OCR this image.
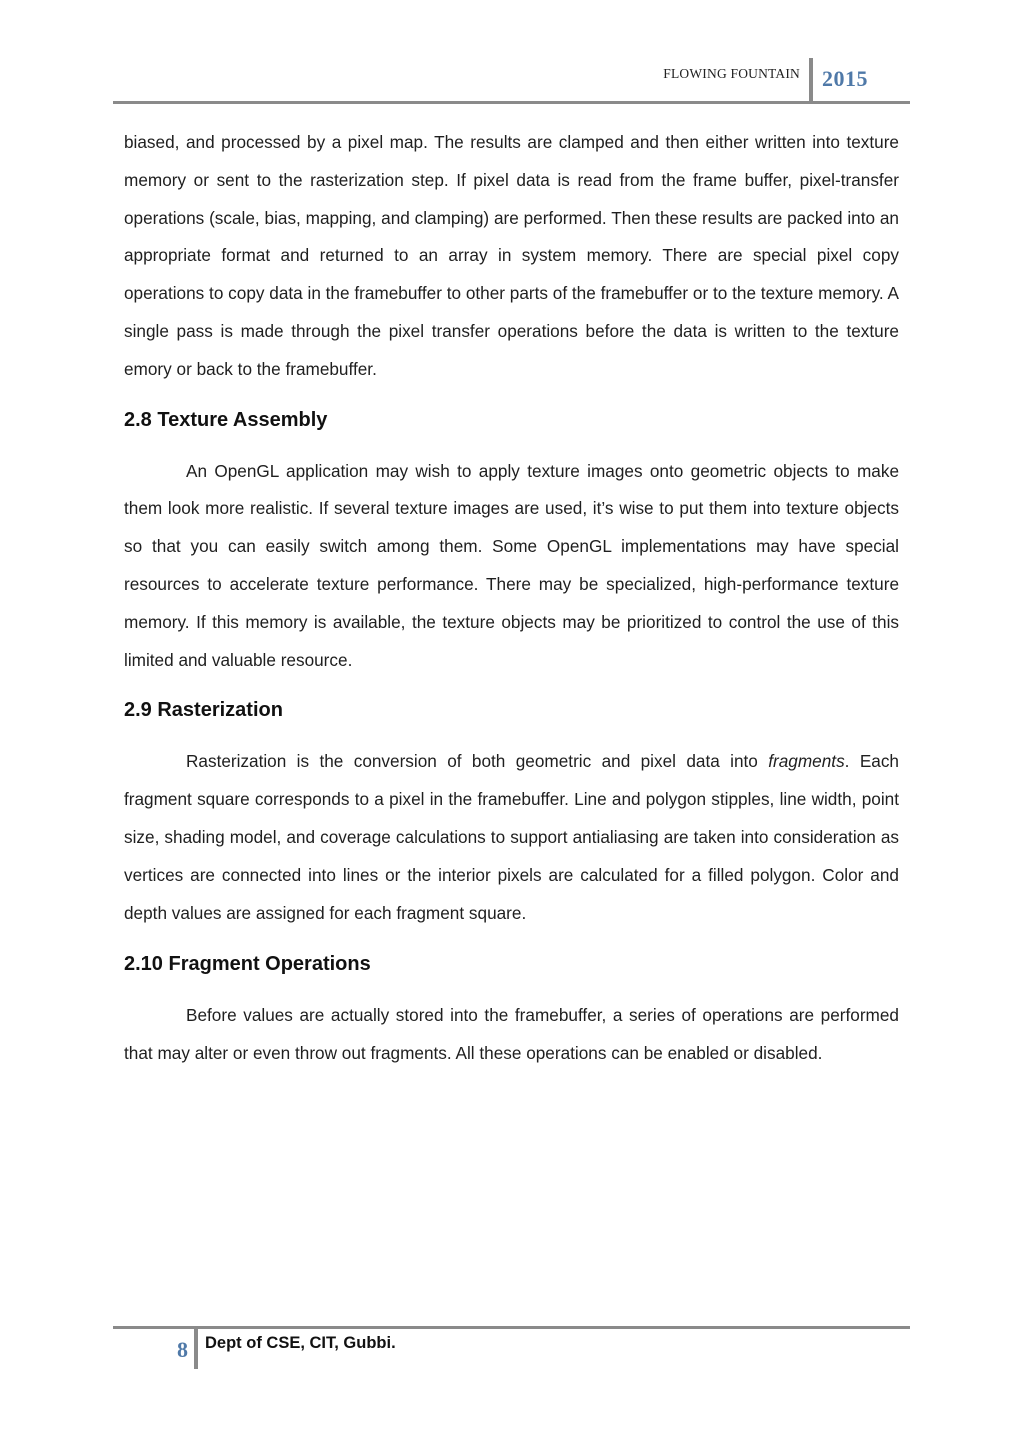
FLOWING FOUNTAIN 2015

biased, and processed by a pixel map. The results are clamped and then either written into texture memory or sent to the rasterization step. If pixel data is read from the frame buffer, pixel-transfer operations (scale, bias, mapping, and clamping) are performed. Then these results are packed into an appropriate format and returned to an array in system memory. There are special pixel copy operations to copy data in the framebuffer to other parts of the framebuffer or to the texture memory. A single pass is made through the pixel transfer operations before the data is written to the texture emory or back to the framebuffer.

2.8 Texture Assembly

An OpenGL application may wish to apply texture images onto geometric objects to make them look more realistic. If several texture images are used, it’s wise to put them into texture objects so that you can easily switch among them. Some OpenGL implementations may have special resources to accelerate texture performance. There may be specialized, high-performance texture memory. If this memory is available, the texture objects may be prioritized to control the use of this limited and valuable resource.

2.9 Rasterization

Rasterization is the conversion of both geometric and pixel data into fragments. Each fragment square corresponds to a pixel in the framebuffer. Line and polygon stipples, line width, point size, shading model, and coverage calculations to support antialiasing are taken into consideration as vertices are connected into lines or the interior pixels are calculated for a filled polygon. Color and depth values are assigned for each fragment square.

2.10 Fragment Operations

Before values are actually stored into the framebuffer, a series of operations are performed that may alter or even throw out fragments. All these operations can be enabled or disabled.

8 Dept of CSE, CIT, Gubbi.
